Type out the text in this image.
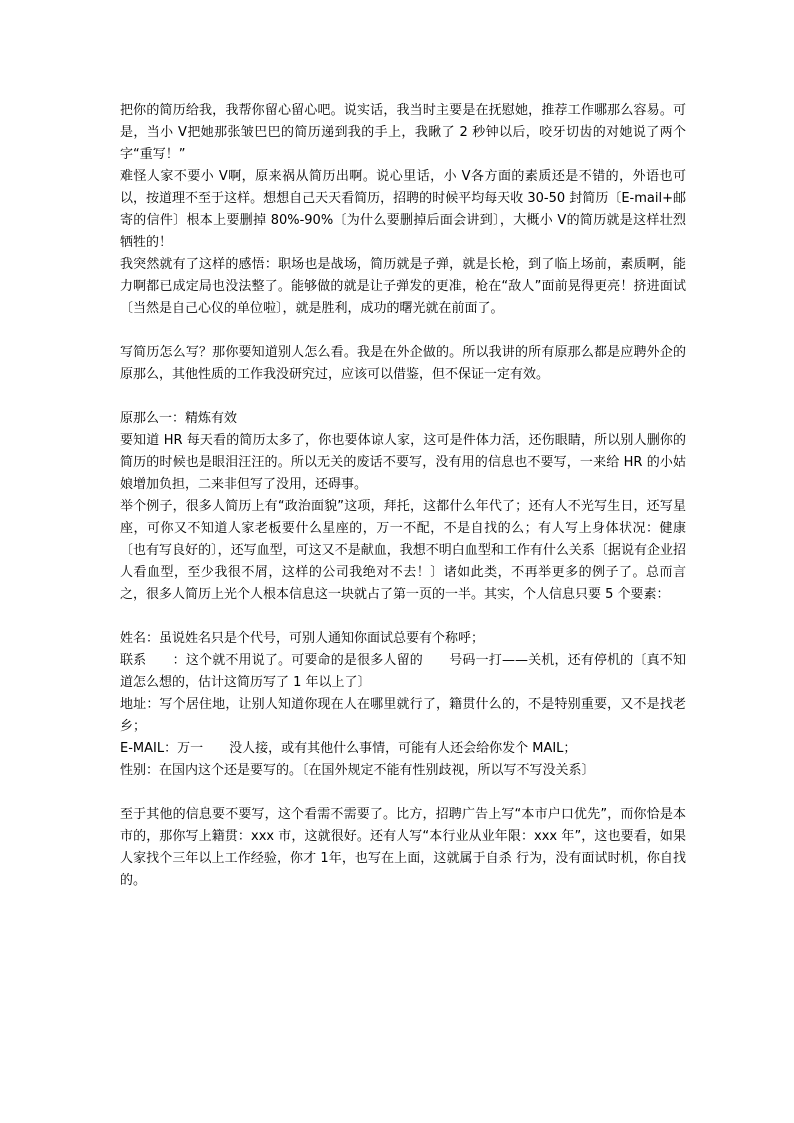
把你的简历给我，我帮你留心留心吧。说实话，我当时主要是在抚慰她，推荐工作哪那么容易。可是，当小 V把她那张皱巴巴的简历递到我的手上，我瞅了 2 秒钟以后，咬牙切齿的对她说了两个字“重写！”

难怪人家不要小 V啊，原来祸从简历出啊。说心里话，小 V各方面的素质还是不错的，外语也可以，按道理不至于这样。想想自己天天看简历，招聘的时候平均每天收 30-50 封简历〔E-mail+邮寄的信件〕根本上要删掉 80%-90%〔为什么要删掉后面会讲到〕，大概小 V的简历就是这样壮烈牺牲的！

我突然就有了这样的感悟：职场也是战场，简历就是子弹，就是长枪，到了临上场前，素质啊，能力啊都已成定局也没法整了。能够做的就是让子弹发的更准，枪在“敌人”面前晃得更亮！挤进面试〔当然是自己心仪的单位啦〕，就是胜利，成功的曙光就在前面了。

写简历怎么写？那你要知道别人怎么看。我是在外企做的。所以我讲的所有原那么都是应聘外企的原那么，其他性质的工作我没研究过，应该可以借鉴，但不保证一定有效。

原那么一：精炼有效

要知道 HR 每天看的简历太多了，你也要体谅人家，这可是件体力活，还伤眼睛，所以别人删你的简历的时候也是眼泪汪汪的。所以无关的废话不要写，没有用的信息也不要写，一来给 HR 的小姑娘增加负担，二来非但写了没用，还碍事。

举个例子，很多人简历上有“政治面貌”这项，拜托，这都什么年代了；还有人不光写生日，还写星座，可你又不知道人家老板要什么星座的，万一不配，不是自找的么；有人写上身体状况：健康〔也有写良好的〕，还写血型，可这又不是献血，我想不明白血型和工作有什么关系〔据说有企业招人看血型，至少我很不屑，这样的公司我绝对不去！〕诸如此类，不再举更多的例子了。总而言之，很多人简历上光个人根本信息这一块就占了第一页的一半。其实，个人信息只要 5 个要素：

姓名：虽说姓名只是个代号，可别人通知你面试总要有个称呼；

联系　　：这个就不用说了。可要命的是很多人留的　　号码一打——关机，还有停机的〔真不知道怎么想的，估计这简历写了 1 年以上了〕

地址：写个居住地，让别人知道你现在人在哪里就行了，籍贯什么的，不是特别重要，又不是找老乡；

E-MAIL：万一　　没人接，或有其他什么事情，可能有人还会给你发个 MAIL；

性别：在国内这个还是要写的。〔在国外规定不能有性别歧视，所以写不写没关系〕

至于其他的信息要不要写，这个看需不需要了。比方，招聘广告上写“本市户口优先”，而你恰是本市的，那你写上籍贯：xxx 市，这就很好。还有人写“本行业从业年限：xxx 年”，这也要看，如果人家找个三年以上工作经验，你才 1年，也写在上面，这就属于自杀 行为，没有面试时机，你自找的。
